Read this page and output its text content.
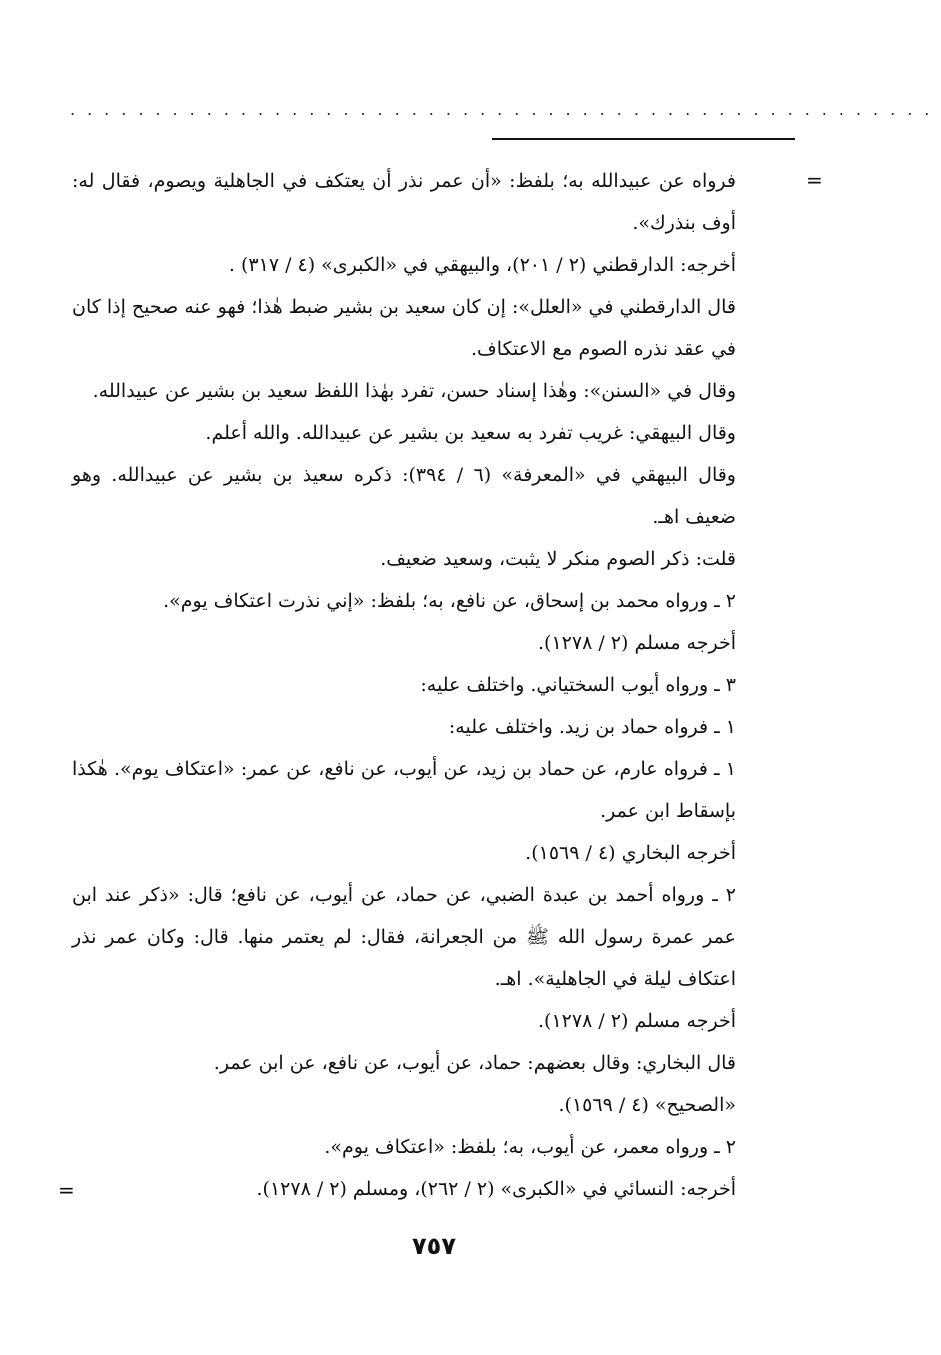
...................................................
=

فرواه عن عبيدالله به؛ بلفظ: «أن عمر نذر أن يعتكف في الجاهلية ويصوم، فقال له: أوف بنذرك».

أخرجه: الدارقطني (٢ / ٢٠١)، والبيهقي في «الكبرى» (٤ / ٣١٧) .

قال الدارقطني في «العلل»: إن كان سعيد بن بشير ضبط هٰذا؛ فهو عنه صحيح إذا كان في عقد نذره الصوم مع الاعتكاف.

وقال في «السنن»: وهٰذا إسناد حسن، تفرد بهٰذا اللفظ سعيد بن بشير عن عبيدالله.

وقال البيهقي: غريب تفرد به سعيد بن بشير عن عبيدالله. والله أعلم.

وقال البيهقي في «المعرفة» (٦ / ٣٩٤): ذكره سعيذ بن بشير عن عبيدالله. وهو ضعيف اهـ.

قلت: ذكر الصوم منكر لا يثبت، وسعيد ضعيف.

٢ ـ ورواه محمد بن إسحاق، عن نافع، به؛ بلفظ: «إني نذرت اعتكاف يوم».

أخرجه مسلم (٢ / ١٢٧٨).

٣ ـ ورواه أيوب السختياني. واختلف عليه:

١ ـ فرواه حماد بن زيد. واختلف عليه:

١ ـ فرواه عارم، عن حماد بن زيد، عن أيوب، عن نافع، عن عمر: «اعتكاف يوم». هٰكذا بإسقاط ابن عمر.

أخرجه البخاري (٤ / ١٥٦٩).

٢ ـ ورواه أحمد بن عبدة الضبي، عن حماد، عن أيوب، عن نافع؛ قال: «ذكر عند ابن عمر عمرة رسول الله ﷺ من الجعرانة، فقال: لم يعتمر منها. قال: وكان عمر نذر اعتكاف ليلة في الجاهلية». اهـ.

أخرجه مسلم (٢ / ١٢٧٨).

قال البخاري: وقال بعضهم: حماد، عن أيوب، عن نافع، عن ابن عمر.

«الصحيح» (٤ / ١٥٦٩).

٢ ـ ورواه معمر، عن أيوب، به؛ بلفظ: «اعتكاف يوم».

أخرجه: النسائي في «الكبرى» (٢ / ٢٦٢)، ومسلم (٢ / ١٢٧٨).

=
٧٥٧
